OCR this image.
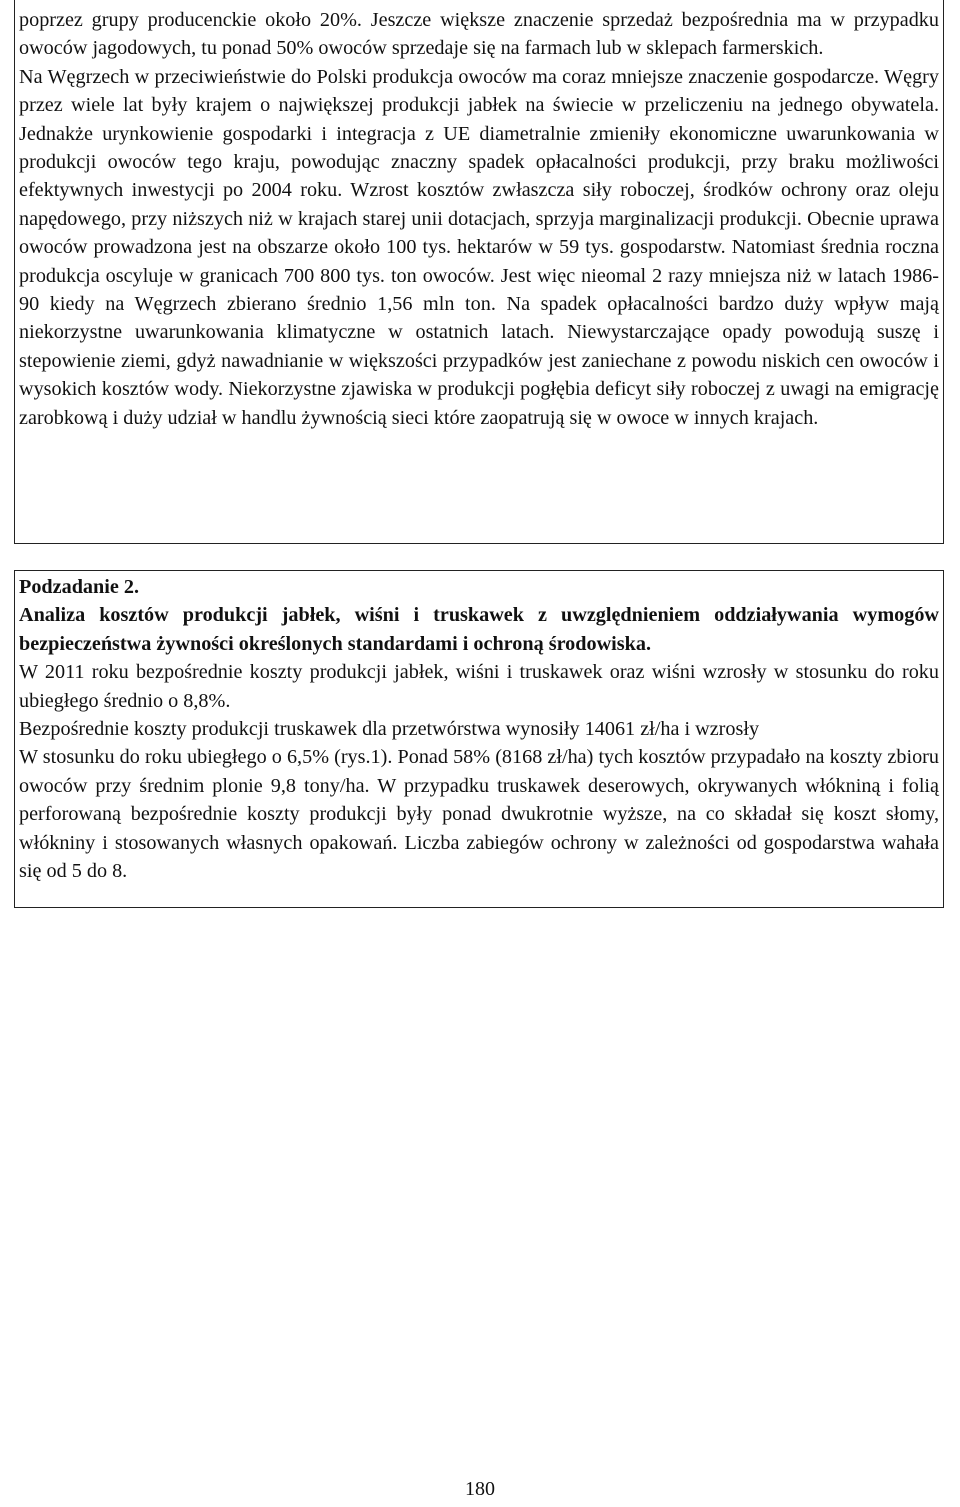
poprzez grupy producenckie około 20%. Jeszcze większe znaczenie sprzedaż bezpośrednia ma w przypadku owoców jagodowych, tu ponad 50% owoców sprzedaje się na farmach lub w sklepach farmerskich.

Na Węgrzech w przeciwieństwie do Polski produkcja owoców ma coraz mniejsze znaczenie gospodarcze. Węgry przez wiele lat były krajem o największej produkcji jabłek na świecie w przeliczeniu na jednego obywatela. Jednakże urynkowienie gospodarki i integracja z UE diametralnie zmieniły ekonomiczne uwarunkowania w produkcji owoców tego kraju, powodując znaczny spadek opłacalności produkcji, przy braku możliwości efektywnych inwestycji po 2004 roku. Wzrost kosztów zwłaszcza siły roboczej, środków ochrony oraz oleju napędowego, przy niższych niż w krajach starej unii dotacjach, sprzyja marginalizacji produkcji. Obecnie uprawa owoców prowadzona jest na obszarze około 100 tys. hektarów w 59 tys. gospodarstw. Natomiast średnia roczna produkcja oscyluje w granicach 700 800 tys. ton owoców. Jest więc nieomal 2 razy mniejsza niż w latach 1986-90 kiedy na Węgrzech zbierano średnio 1,56 mln ton. Na spadek opłacalności bardzo duży wpływ mają niekorzystne uwarunkowania klimatyczne w ostatnich latach. Niewystarczające opady powodują suszę i stepowienie ziemi, gdyż nawadnianie w większości przypadków jest zaniechane z powodu niskich cen owoców i wysokich kosztów wody. Niekorzystne zjawiska w produkcji pogłębia deficyt siły roboczej z uwagi na emigrację zarobkową i duży udział w handlu żywnością sieci które zaopatrują się w owoce w innych krajach.

Podzadanie 2.

Analiza kosztów produkcji jabłek, wiśni i truskawek z uwzględnieniem oddziaływania wymogów bezpieczeństwa żywności określonych standardami i ochroną środowiska.

W 2011 roku bezpośrednie koszty produkcji jabłek, wiśni i truskawek oraz wiśni wzrosły w stosunku do roku ubiegłego średnio o 8,8%.

Bezpośrednie koszty produkcji truskawek dla przetwórstwa wynosiły 14061 zł/ha i wzrosły

W stosunku do roku ubiegłego o 6,5% (rys.1). Ponad 58% (8168 zł/ha) tych kosztów przypadało na koszty zbioru owoców przy średnim plonie 9,8 tony/ha. W przypadku truskawek deserowych, okrywanych włókniną i folią perforowaną bezpośrednie koszty produkcji były ponad dwukrotnie wyższe, na co składał się koszt słomy, włókniny i stosowanych własnych opakowań. Liczba zabiegów ochrony w zależności od gospodarstwa wahała się od 5 do 8.

180
